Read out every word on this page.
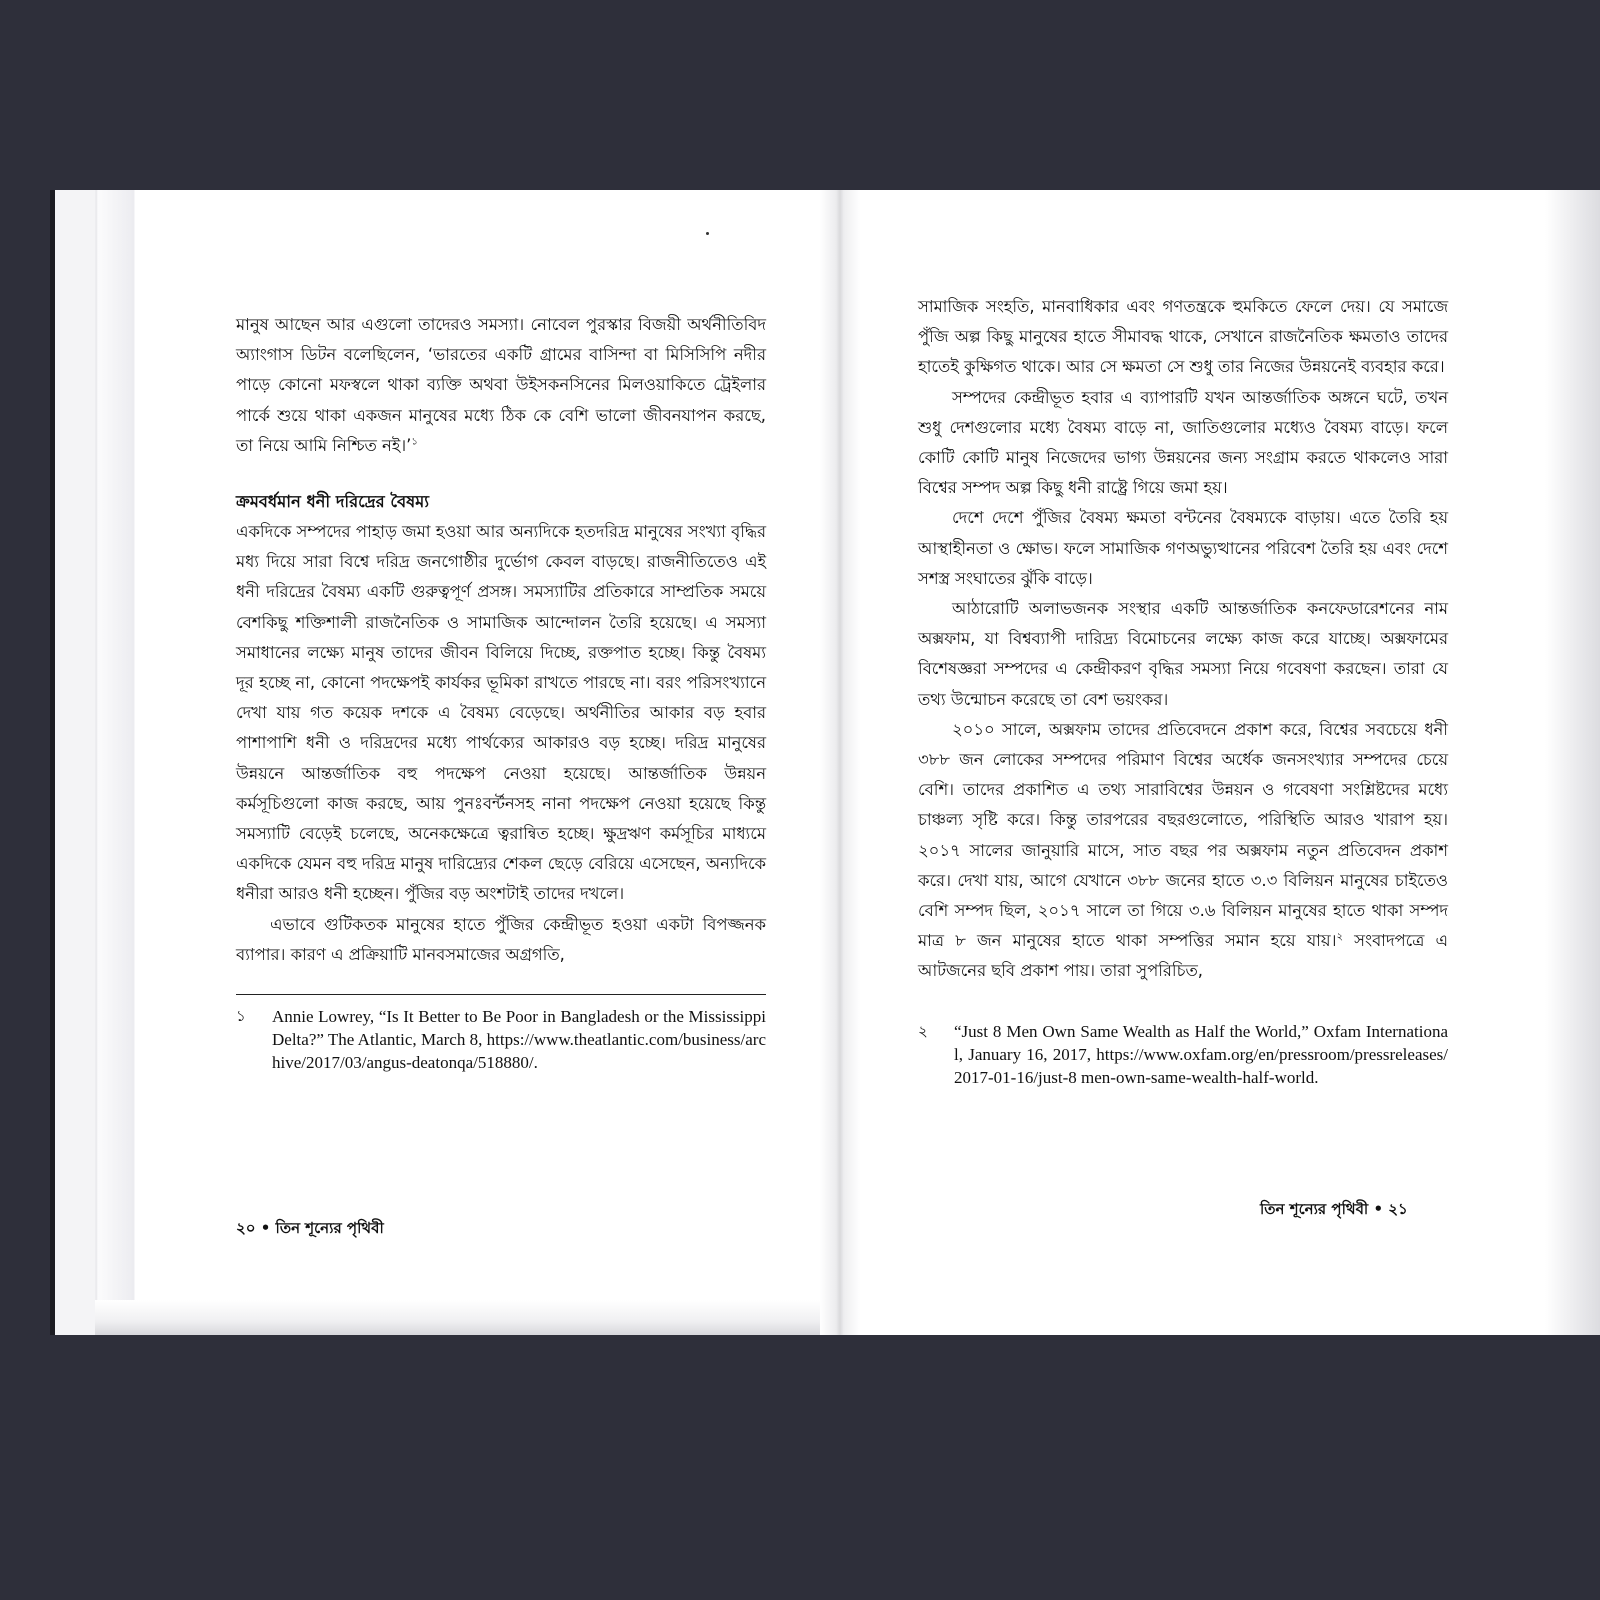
মানুষ আছেন আর এগুলো তাদেরও সমস্যা। নোবেল পুরস্কার বিজয়ী অর্থনীতিবিদ অ্যাংগাস ডিটন বলেছিলেন, ‘ভারতের একটি গ্রামের বাসিন্দা বা মিসিসিপি নদীর পাড়ে কোনো মফস্বলে থাকা ব্যক্তি অথবা উইসকনসিনের মিলওয়াকিতে ট্রেইলার পার্কে শুয়ে থাকা একজন মানুষের মধ্যে ঠিক কে বেশি ভালো জীবনযাপন করছে, তা নিয়ে আমি নিশ্চিত নই।’$^১$

ক্রমবর্ধমান ধনী দরিদ্রের বৈষম্য

একদিকে সম্পদের পাহাড় জমা হওয়া আর অন্যদিকে হতদরিদ্র মানুষের সংখ্যা বৃদ্ধির মধ্য দিয়ে সারা বিশ্বে দরিদ্র জনগোষ্ঠীর দুর্ভোগ কেবল বাড়ছে। রাজনীতিতেও এই ধনী দরিদ্রের বৈষম্য একটি গুরুত্বপূর্ণ প্রসঙ্গ। সমস্যাটির প্রতিকারে সাম্প্রতিক সময়ে বেশকিছু শক্তিশালী রাজনৈতিক ও সামাজিক আন্দোলন তৈরি হয়েছে। এ সমস্যা সমাধানের লক্ষ্যে মানুষ তাদের জীবন বিলিয়ে দিচ্ছে, রক্তপাত হচ্ছে। কিন্তু বৈষম্য দূর হচ্ছে না, কোনো পদক্ষেপই কার্যকর ভূমিকা রাখতে পারছে না। বরং পরিসংখ্যানে দেখা যায় গত কয়েক দশকে এ বৈষম্য বেড়েছে। অর্থনীতির আকার বড় হবার পাশাপাশি ধনী ও দরিদ্রদের মধ্যে পার্থক্যের আকারও বড় হচ্ছে। দরিদ্র মানুষের উন্নয়নে আন্তর্জাতিক বহু পদক্ষেপ নেওয়া হয়েছে। আন্তর্জাতিক উন্নয়ন কর্মসূচিগুলো কাজ করছে, আয় পুনঃবর্ন্টনসহ নানা পদক্ষেপ নেওয়া হয়েছে কিন্তু সমস্যাটি বেড়েই চলেছে, অনেকক্ষেত্রে ত্বরান্বিত হচ্ছে। ক্ষুদ্রঋণ কর্মসূচির মাধ্যমে একদিকে যেমন বহু দরিদ্র মানুষ দারিদ্র্যের শেকল ছেড়ে বেরিয়ে এসেছেন, অন্যদিকে ধনীরা আরও ধনী হচ্ছেন। পুঁজির বড় অংশটাই তাদের দখলে।

এভাবে গুটিকতক মানুষের হাতে পুঁজির কেন্দ্রীভূত হওয়া একটা বিপজ্জনক ব্যাপার। কারণ এ প্রক্রিয়াটি মানবসমাজের অগ্রগতি,

১	Annie Lowrey, “Is It Better to Be Poor in Bangladesh or the Mississippi Delta?” The Atlantic, March 8, https://www.theatlantic.com/business/archive/2017/03/angus-deatonqa/518880/.
২০ • তিন শূন্যের পৃথিবী

সামাজিক সংহতি, মানবাধিকার এবং গণতন্ত্রকে হুমকিতে ফেলে দেয়। যে সমাজে পুঁজি অল্প কিছু মানুষের হাতে সীমাবদ্ধ থাকে, সেখানে রাজনৈতিক ক্ষমতাও তাদের হাতেই কুক্ষিগত থাকে। আর সে ক্ষমতা সে শুধু তার নিজের উন্নয়নেই ব্যবহার করে।

সম্পদের কেন্দ্রীভূত হবার এ ব্যাপারটি যখন আন্তর্জাতিক অঙ্গনে ঘটে, তখন শুধু দেশগুলোর মধ্যে বৈষম্য বাড়ে না, জাতিগুলোর মধ্যেও বৈষম্য বাড়ে। ফলে কোটি কোটি মানুষ নিজেদের ভাগ্য উন্নয়নের জন্য সংগ্রাম করতে থাকলেও সারা বিশ্বের সম্পদ অল্প কিছু ধনী রাষ্ট্রে গিয়ে জমা হয়।

দেশে দেশে পুঁজির বৈষম্য ক্ষমতা বন্টনের বৈষম্যকে বাড়ায়। এতে তৈরি হয় আস্থাহীনতা ও ক্ষোভ। ফলে সামাজিক গণঅভ্যুত্থানের পরিবেশ তৈরি হয় এবং দেশে সশস্ত্র সংঘাতের ঝুঁকি বাড়ে।

আঠারোটি অলাভজনক সংস্থার একটি আন্তর্জাতিক কনফেডারেশনের নাম অক্সফাম, যা বিশ্বব্যাপী দারিদ্র্য বিমোচনের লক্ষ্যে কাজ করে যাচ্ছে। অক্সফামের বিশেষজ্ঞরা সম্পদের এ কেন্দ্রীকরণ বৃদ্ধির সমস্যা নিয়ে গবেষণা করছেন। তারা যে তথ্য উন্মোচন করেছে তা বেশ ভয়ংকর।

২০১০ সালে, অক্সফাম তাদের প্রতিবেদনে প্রকাশ করে, বিশ্বের সবচেয়ে ধনী ৩৮৮ জন লোকের সম্পদের পরিমাণ বিশ্বের অর্ধেক জনসংখ্যার সম্পদের চেয়ে বেশি। তাদের প্রকাশিত এ তথ্য সারাবিশ্বের উন্নয়ন ও গবেষণা সংশ্লিষ্টদের মধ্যে চাঞ্চল্য সৃষ্টি করে। কিন্তু তারপরের বছরগুলোতে, পরিস্থিতি আরও খারাপ হয়। ২০১৭ সালের জানুয়ারি মাসে, সাত বছর পর অক্সফাম নতুন প্রতিবেদন প্রকাশ করে। দেখা যায়, আগে যেখানে ৩৮৮ জনের হাতে ৩.৩ বিলিয়ন মানুষের চাইতেও বেশি সম্পদ ছিল, ২০১৭ সালে তা গিয়ে ৩.৬ বিলিয়ন মানুষের হাতে থাকা সম্পদ মাত্র ৮ জন মানুষের হাতে থাকা সম্পত্তির সমান হয়ে যায়।$^২$ সংবাদপত্রে এ আটজনের ছবি প্রকাশ পায়। তারা সুপরিচিত,

২	“Just 8 Men Own Same Wealth as Half the World,” Oxfam International, January 16, 2017, https://www.oxfam.org/en/pressroom/pressreleases/2017-01-16/just-8 men-own-same-wealth-half-world.
তিন শূন্যের পৃথিবী • ২১
